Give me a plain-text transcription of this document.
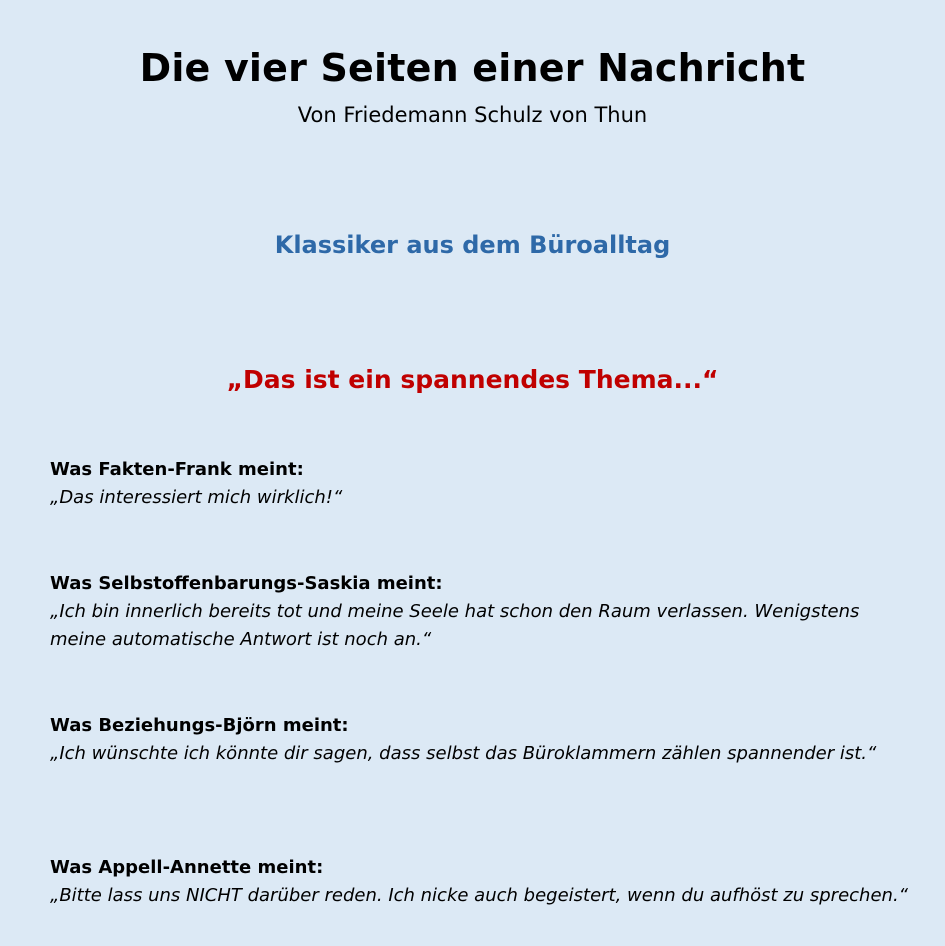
Die vier Seiten einer Nachricht
Von Friedemann Schulz von Thun
Klassiker aus dem Büroalltag
„Das ist ein spannendes Thema...“
Was Fakten-Frank meint:
„Das interessiert mich wirklich!“
Was Selbstoffenbarungs-Saskia meint:
„Ich bin innerlich bereits tot und meine Seele hat schon den Raum verlassen. Wenigstens meine automatische Antwort ist noch an.“
Was Beziehungs-Björn meint:
„Ich wünschte ich könnte dir sagen, dass selbst das Büroklammern zählen spannender ist.“
Was Appell-Annette meint:
„Bitte lass uns NICHT darüber reden. Ich nicke auch begeistert, wenn du aufhöst zu sprechen.“
